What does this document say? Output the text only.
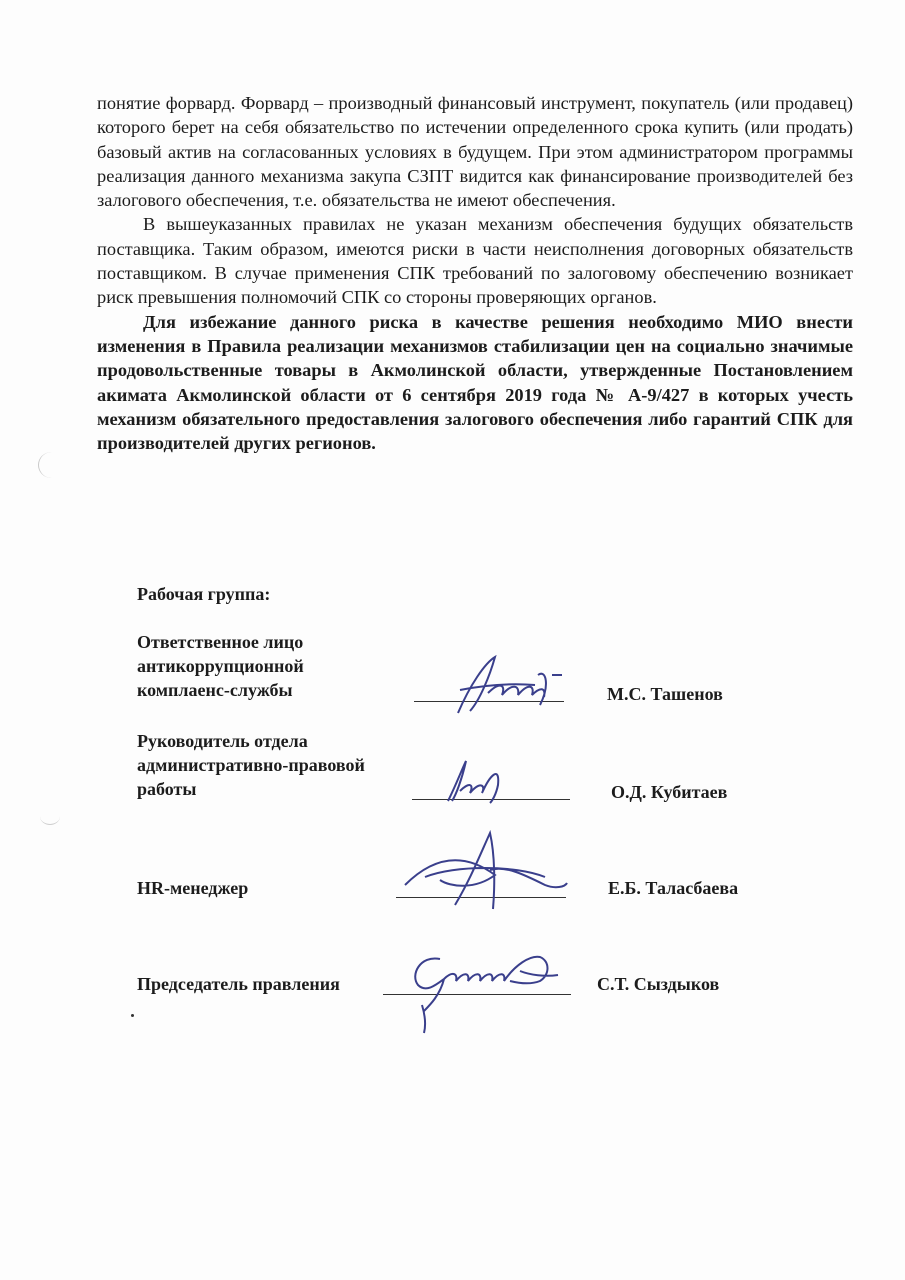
понятие форвард. Форвард – производный финансовый инструмент, покупатель (или продавец) которого берет на себя обязательство по истечении определенного срока купить (или продать) базовый актив на согласованных условиях в будущем. При этом администратором программы реализация данного механизма закупа СЗПТ видится как финансирование производителей без залогового обеспечения, т.е. обязательства не имеют обеспечения.

В вышеуказанных правилах не указан механизм обеспечения будущих обязательств поставщика. Таким образом, имеются риски в части неисполнения договорных обязательств поставщиком. В случае применения СПК требований по залоговому обеспечению возникает риск превышения полномочий СПК со стороны проверяющих органов.

Для избежание данного риска в качестве решения необходимо МИО внести изменения в Правила реализации механизмов стабилизации цен на социально значимые продовольственные товары в Акмолинской области, утвержденные Постановлением акимата Акмолинской области от 6 сентября 2019 года № А-9/427 в которых учесть механизм обязательного предоставления залогового обеспечения либо гарантий СПК для производителей других регионов.

Рабочая группа:
Ответственное лицо
антикоррупционной
комплаенс-службы	М.С. Ташенов
Руководитель отдела
административно-правовой
работы	О.Д. Кубитаев
HR-менеджер	Е.Б. Таласбаева
Председатель правления	С.Т. Сыздыков
